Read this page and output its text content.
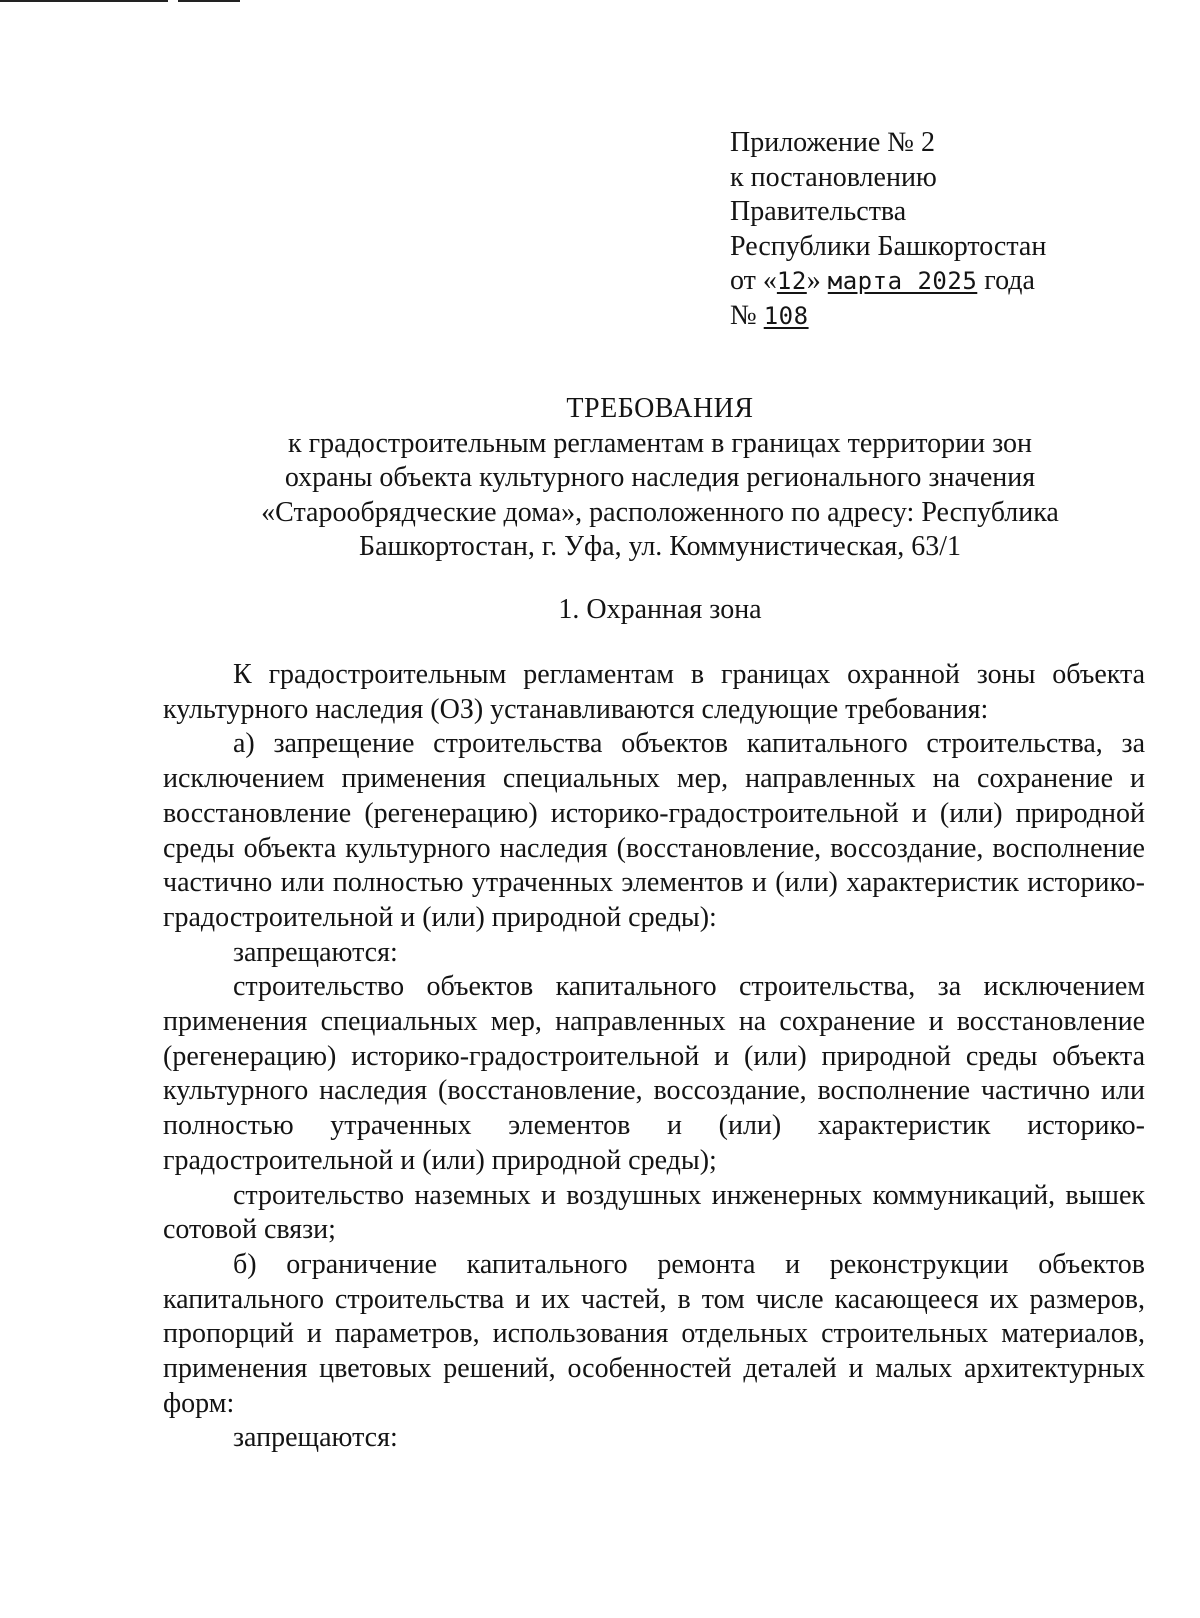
Приложение № 2
к постановлению
Правительства
Республики Башкортостан
от «12» марта 2025 года
№ 108
ТРЕБОВАНИЯ
к градостроительным регламентам в границах территории зон
охраны объекта культурного наследия регионального значения
«Старообрядческие дома», расположенного по адресу: Республика
Башкортостан, г. Уфа, ул. Коммунистическая, 63/1
1. Охранная зона

К градостроительным регламентам в границах охранной зоны объекта культурного наследия (ОЗ) устанавливаются следующие требования:

а) запрещение строительства объектов капитального строительства, за исключением применения специальных мер, направленных на сохранение и восстановление (регенерацию) историко-градостроительной и (или) природной среды объекта культурного наследия (восстановление, воссоздание, восполнение частично или полностью утраченных элементов и (или) характеристик историко-градостроительной и (или) природной среды):

запрещаются:

строительство объектов капитального строительства, за исключением применения специальных мер, направленных на сохранение и восстановление (регенерацию) историко-градостроительной и (или) природной среды объекта культурного наследия (восстановление, воссоздание, восполнение частично или полностью утраченных элементов и (или) характеристик историко-градостроительной и (или) природной среды);

строительство наземных и воздушных инженерных коммуникаций, вышек сотовой связи;

б) ограничение капитального ремонта и реконструкции объектов капитального строительства и их частей, в том числе касающееся их размеров, пропорций и параметров, использования отдельных строительных материалов, применения цветовых решений, особенностей деталей и малых архитектурных форм:

запрещаются:
